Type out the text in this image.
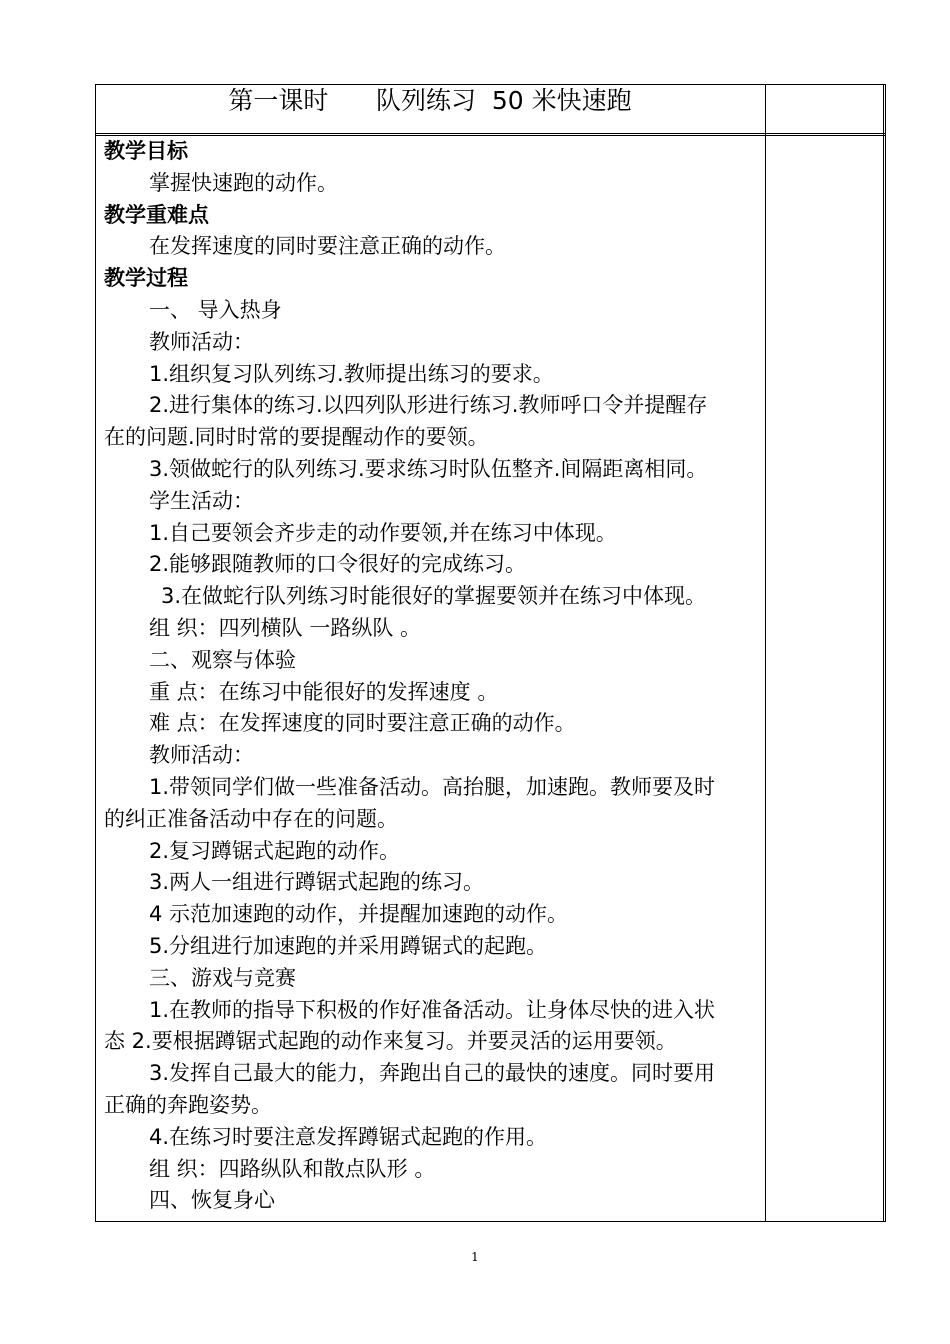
第一课时      队列练习  50 米快速跑
教学目标
掌握快速跑的动作。
教学重难点
在发挥速度的同时要注意正确的动作。
教学过程
一、 导入热身
教师活动：
1.组织复习队列练习.教师提出练习的要求。
2.进行集体的练习.以四列队形进行练习.教师呼口令并提醒存
在的问题.同时时常的要提醒动作的要领。
3.领做蛇行的队列练习.要求练习时队伍整齐.间隔距离相同。
学生活动：
1.自己要领会齐步走的动作要领,并在练习中体现。
2.能够跟随教师的口令很好的完成练习。
3.在做蛇行队列练习时能很好的掌握要领并在练习中体现。
组 织：四列横队 一路纵队 。
二、观察与体验
重 点：在练习中能很好的发挥速度 。
难 点：在发挥速度的同时要注意正确的动作。
教师活动：
1.带领同学们做一些准备活动。高抬腿，加速跑。教师要及时
的纠正准备活动中存在的问题。
2.复习蹲锯式起跑的动作。
3.两人一组进行蹲锯式起跑的练习。
4 示范加速跑的动作，并提醒加速跑的动作。
5.分组进行加速跑的并采用蹲锯式的起跑。
三、游戏与竞赛
1.在教师的指导下积极的作好准备活动。让身体尽快的进入状
态 2.要根据蹲锯式起跑的动作来复习。并要灵活的运用要领。
3.发挥自己最大的能力，奔跑出自己的最快的速度。同时要用
正确的奔跑姿势。
4.在练习时要注意发挥蹲锯式起跑的作用。
组 织：四路纵队和散点队形 。
四、恢复身心
1
